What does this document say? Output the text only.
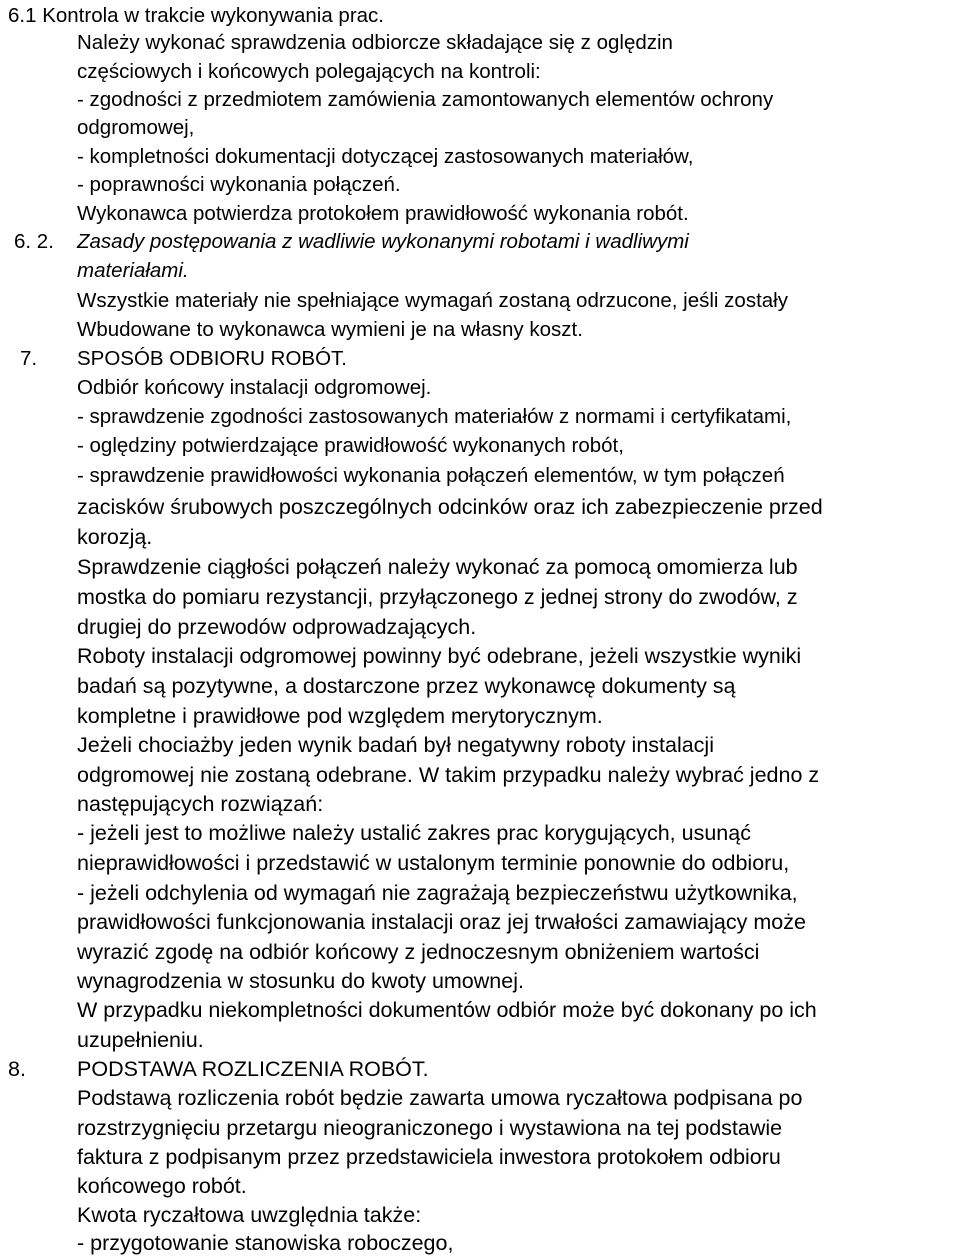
6.1 Kontrola w trakcie wykonywania prac.
Należy wykonać sprawdzenia odbiorcze składające się z oględzin
częściowych i końcowych polegających na kontroli:
- zgodności z przedmiotem zamówienia zamontowanych elementów ochrony
odgromowej,
- kompletności dokumentacji dotyczącej zastosowanych materiałów,
- poprawności wykonania połączeń.
Wykonawca potwierdza protokołem prawidłowość wykonania robót.
6. 2. Zasady postępowania z wadliwie wykonanymi robotami i wadliwymi
materiałami.
Wszystkie materiały nie spełniające wymagań zostaną odrzucone, jeśli zostały
Wbudowane to wykonawca wymieni je na własny koszt.
7. SPOSÓB ODBIORU ROBÓT.
Odbiór końcowy instalacji odgromowej.
- sprawdzenie zgodności zastosowanych materiałów z normami i certyfikatami,
- oględziny potwierdzające prawidłowość wykonanych robót,
- sprawdzenie prawidłowości wykonania połączeń elementów, w tym połączeń
zacisków śrubowych poszczególnych odcinków oraz ich zabezpieczenie przed
korozją.
Sprawdzenie ciągłości połączeń należy wykonać za pomocą omomierza lub
mostka do pomiaru rezystancji, przyłączonego z jednej strony do zwodów, z
drugiej do przewodów odprowadzających.
Roboty instalacji odgromowej powinny być odebrane, jeżeli wszystkie wyniki
badań są pozytywne, a dostarczone przez wykonawcę dokumenty są
kompletne i prawidłowe pod względem merytorycznym.
Jeżeli chociażby jeden wynik badań był negatywny roboty instalacji
odgromowej nie zostaną odebrane. W takim przypadku należy wybrać jedno z
następujących rozwiązań:
- jeżeli jest to możliwe należy ustalić zakres prac korygujących, usunąć
nieprawidłowości i przedstawić w ustalonym terminie ponownie do odbioru,
- jeżeli odchylenia od wymagań nie zagrażają bezpieczeństwu użytkownika,
prawidłowości funkcjonowania instalacji oraz jej trwałości zamawiający może
wyrazić zgodę na odbiór końcowy z jednoczesnym obniżeniem wartości
wynagrodzenia w stosunku do kwoty umownej.
W przypadku niekompletności dokumentów odbiór może być dokonany po ich
uzupełnieniu.
8. PODSTAWA ROZLICZENIA ROBÓT.
Podstawą rozliczenia robót będzie zawarta umowa ryczałtowa podpisana po
rozstrzygnięciu przetargu nieograniczonego i wystawiona na tej podstawie
faktura z podpisanym przez przedstawiciela inwestora protokołem odbioru
końcowego robót.
Kwota ryczałtowa uwzględnia także:
- przygotowanie stanowiska roboczego,
